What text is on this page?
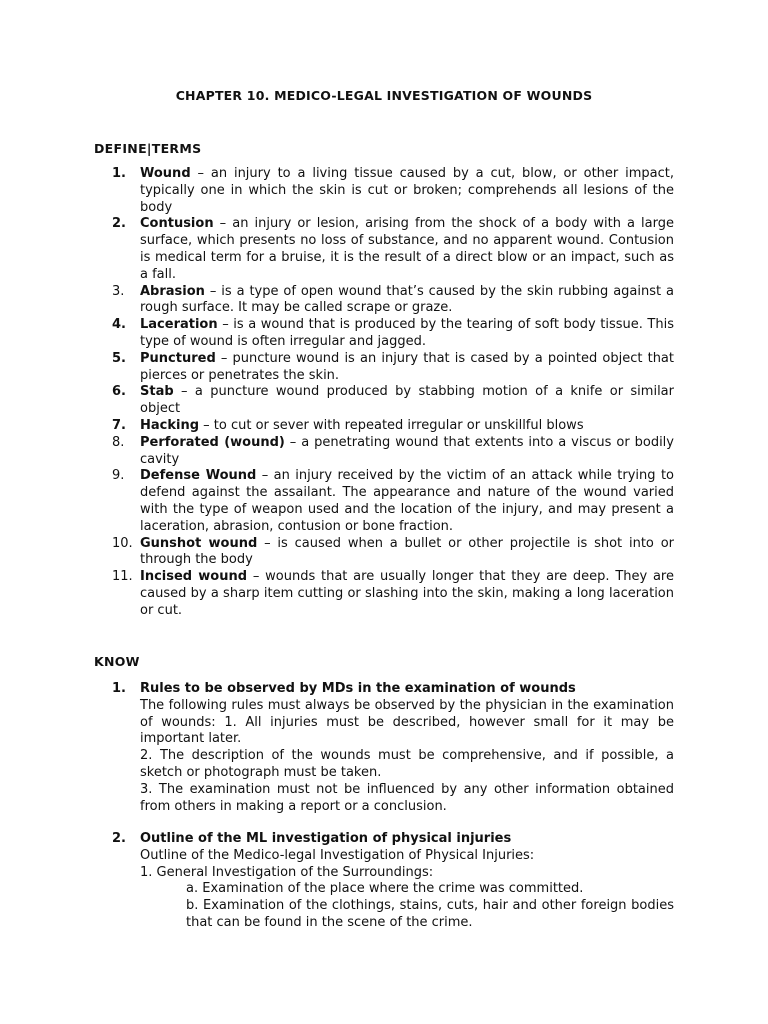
CHAPTER 10. MEDICO-LEGAL INVESTIGATION OF WOUNDS
DEFINE|TERMS
1. Wound – an injury to a living tissue caused by a cut, blow, or other impact, typically one in which the skin is cut or broken; comprehends all lesions of the body
2. Contusion – an injury or lesion, arising from the shock of a body with a large surface, which presents no loss of substance, and no apparent wound. Contusion is medical term for a bruise, it is the result of a direct blow or an impact, such as a fall.
3. Abrasion – is a type of open wound that’s caused by the skin rubbing against a rough surface. It may be called scrape or graze.
4. Laceration – is a wound that is produced by the tearing of soft body tissue. This type of wound is often irregular and jagged.
5. Punctured – puncture wound is an injury that is cased by a pointed object that pierces or penetrates the skin.
6. Stab – a puncture wound produced by stabbing motion of a knife or similar object
7. Hacking – to cut or sever with repeated irregular or unskillful blows
8. Perforated (wound) – a penetrating wound that extents into a viscus or bodily cavity
9. Defense Wound – an injury received by the victim of an attack while trying to defend against the assailant. The appearance and nature of the wound varied with the type of weapon used and the location of the injury, and may present a laceration, abrasion, contusion or bone fraction.
10. Gunshot wound – is caused when a bullet or other projectile is shot into or through the body
11. Incised wound – wounds that are usually longer that they are deep. They are caused by a sharp item cutting or slashing into the skin, making a long laceration or cut.
KNOW
1.	Rules to be observed by MDs in the examination of wounds
The following rules must always be observed by the physician in the examination of wounds: 1. All injuries must be described, however small for it may be important later.
2. The description of the wounds must be comprehensive, and if possible, a sketch or photograph must be taken.
3. The examination must not be influenced by any other information obtained from others in making a report or a conclusion.
2.	Outline of the ML investigation of physical injuries
Outline of the Medico-legal Investigation of Physical Injuries:
1. General Investigation of the Surroundings:
a. Examination of the place where the crime was committed.
b. Examination of the clothings, stains, cuts, hair and other foreign bodies that can be found in the scene of the crime.
